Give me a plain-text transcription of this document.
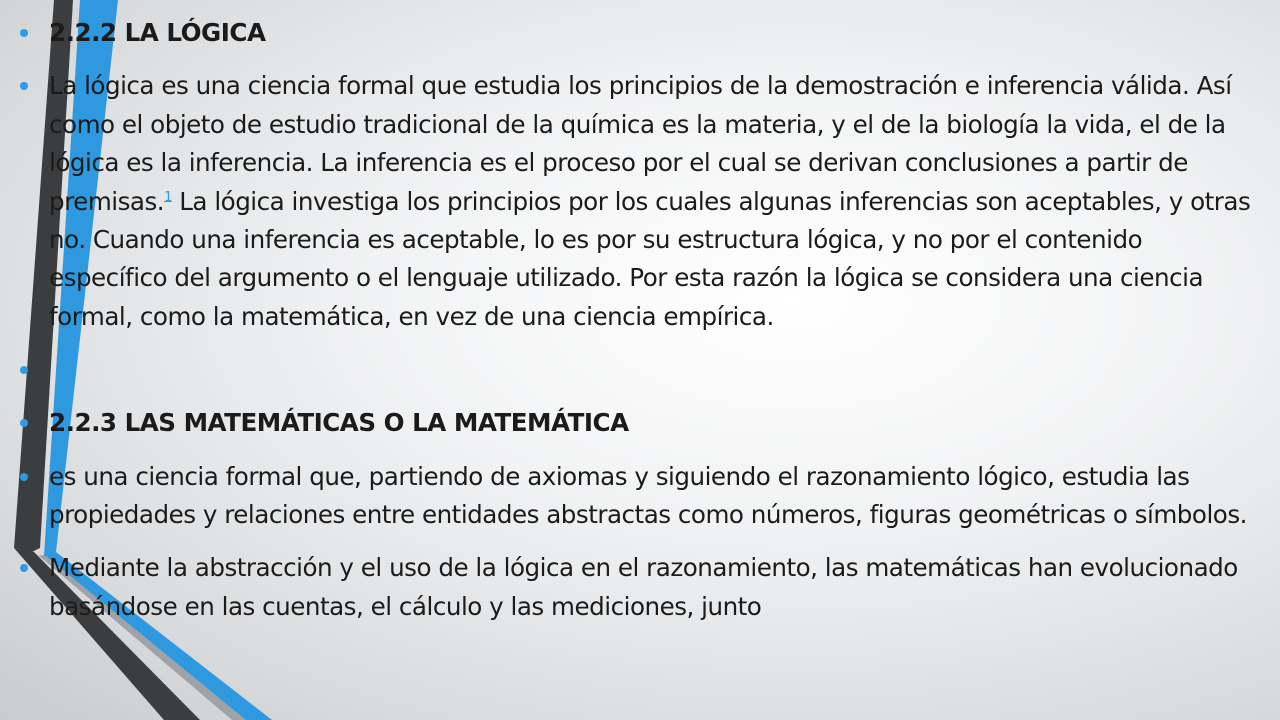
2.2.2 LA LÓGICA
La lógica es una ciencia formal que estudia los principios de la demostración e inferencia válida. Así como el objeto de estudio tradicional de la química es la materia, y el de la biología la vida, el de la lógica es la inferencia. La inferencia es el proceso por el cual se derivan conclusiones a partir de premisas.$^1$ La lógica investiga los principios por los cuales algunas inferencias son aceptables, y otras no. Cuando una inferencia es aceptable, lo es por su estructura lógica, y no por el contenido específico del argumento o el lenguaje utilizado. Por esta razón la lógica se considera una ciencia formal, como la matemática, en vez de una ciencia empírica.
2.2.3 LAS MATEMÁTICAS O LA MATEMÁTICA
es una ciencia formal que, partiendo de axiomas y siguiendo el razonamiento lógico, estudia las propiedades y relaciones entre entidades abstractas como números, figuras geométricas o símbolos.
Mediante la abstracción y el uso de la lógica en el razonamiento, las matemáticas han evolucionado basándose en las cuentas, el cálculo y las mediciones, junto
